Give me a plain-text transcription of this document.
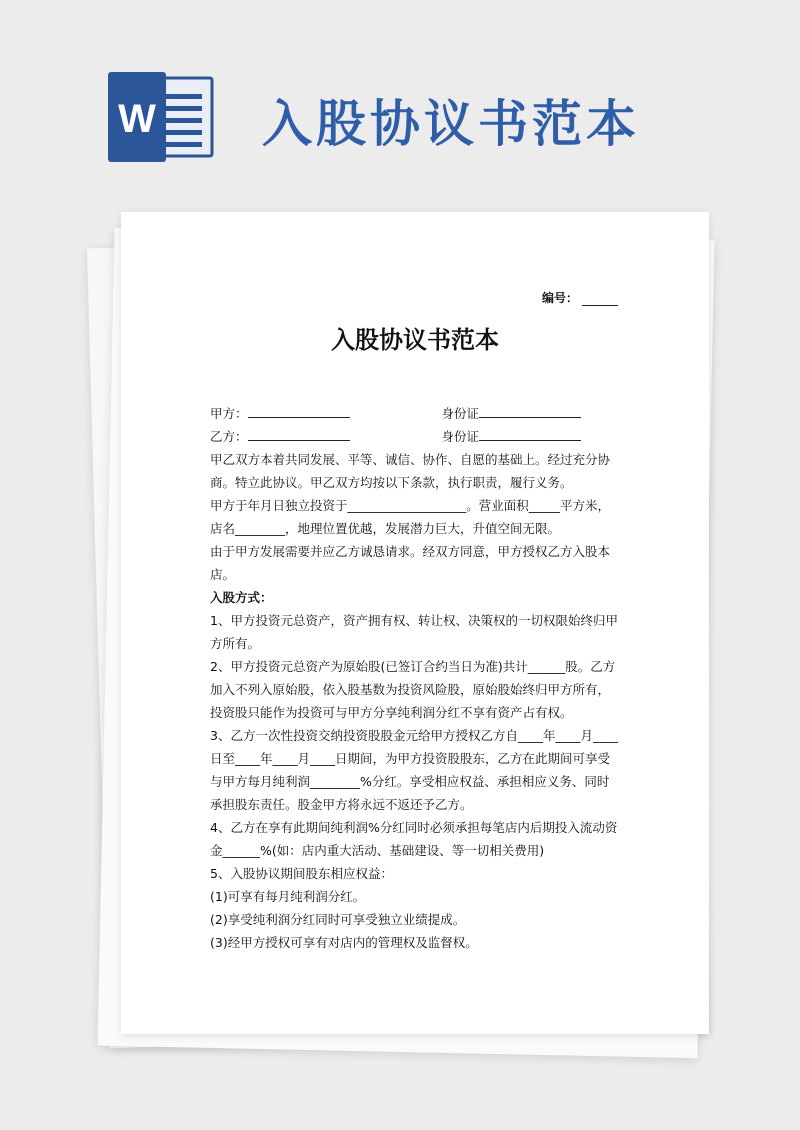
W 入股协议书范本
编号：
入股协议书范本
甲方：	身份证
乙方：	身份证

甲乙双方本着共同发展、平等、诚信、协作、自愿的基础上。经过充分协商。特立此协议。甲乙双方均按以下条款，执行职责，履行义务。

甲方于年月日独立投资于___________________。营业面积_____平方米，店名________，地理位置优越，发展潜力巨大，升值空间无限。

由于甲方发展需要并应乙方诚恳请求。经双方同意，甲方授权乙方入股本店。

入股方式：

1、甲方投资元总资产，资产拥有权、转让权、决策权的一切权限始终归甲方所有。

2、甲方投资元总资产为原始股(已签订合约当日为准)共计______股。乙方加入不列入原始股，依入股基数为投资风险股，原始股始终归甲方所有，投资股只能作为投资可与甲方分享纯利润分红不享有资产占有权。

3、乙方一次性投资交纳投资股股金元给甲方授权乙方自____年____月____日至____年____月____日期间，为甲方投资股股东，乙方在此期间可享受与甲方每月纯利润________%分红。享受相应权益、承担相应义务、同时承担股东责任。股金甲方将永远不返还予乙方。

4、乙方在享有此期间纯利润%分红同时必须承担每笔店内后期投入流动资金______%(如：店内重大活动、基础建设、等一切相关费用)

5、入股协议期间股东相应权益：

(1)可享有每月纯利润分红。

(2)享受纯利润分红同时可享受独立业绩提成。

(3)经甲方授权可享有对店内的管理权及监督权。
